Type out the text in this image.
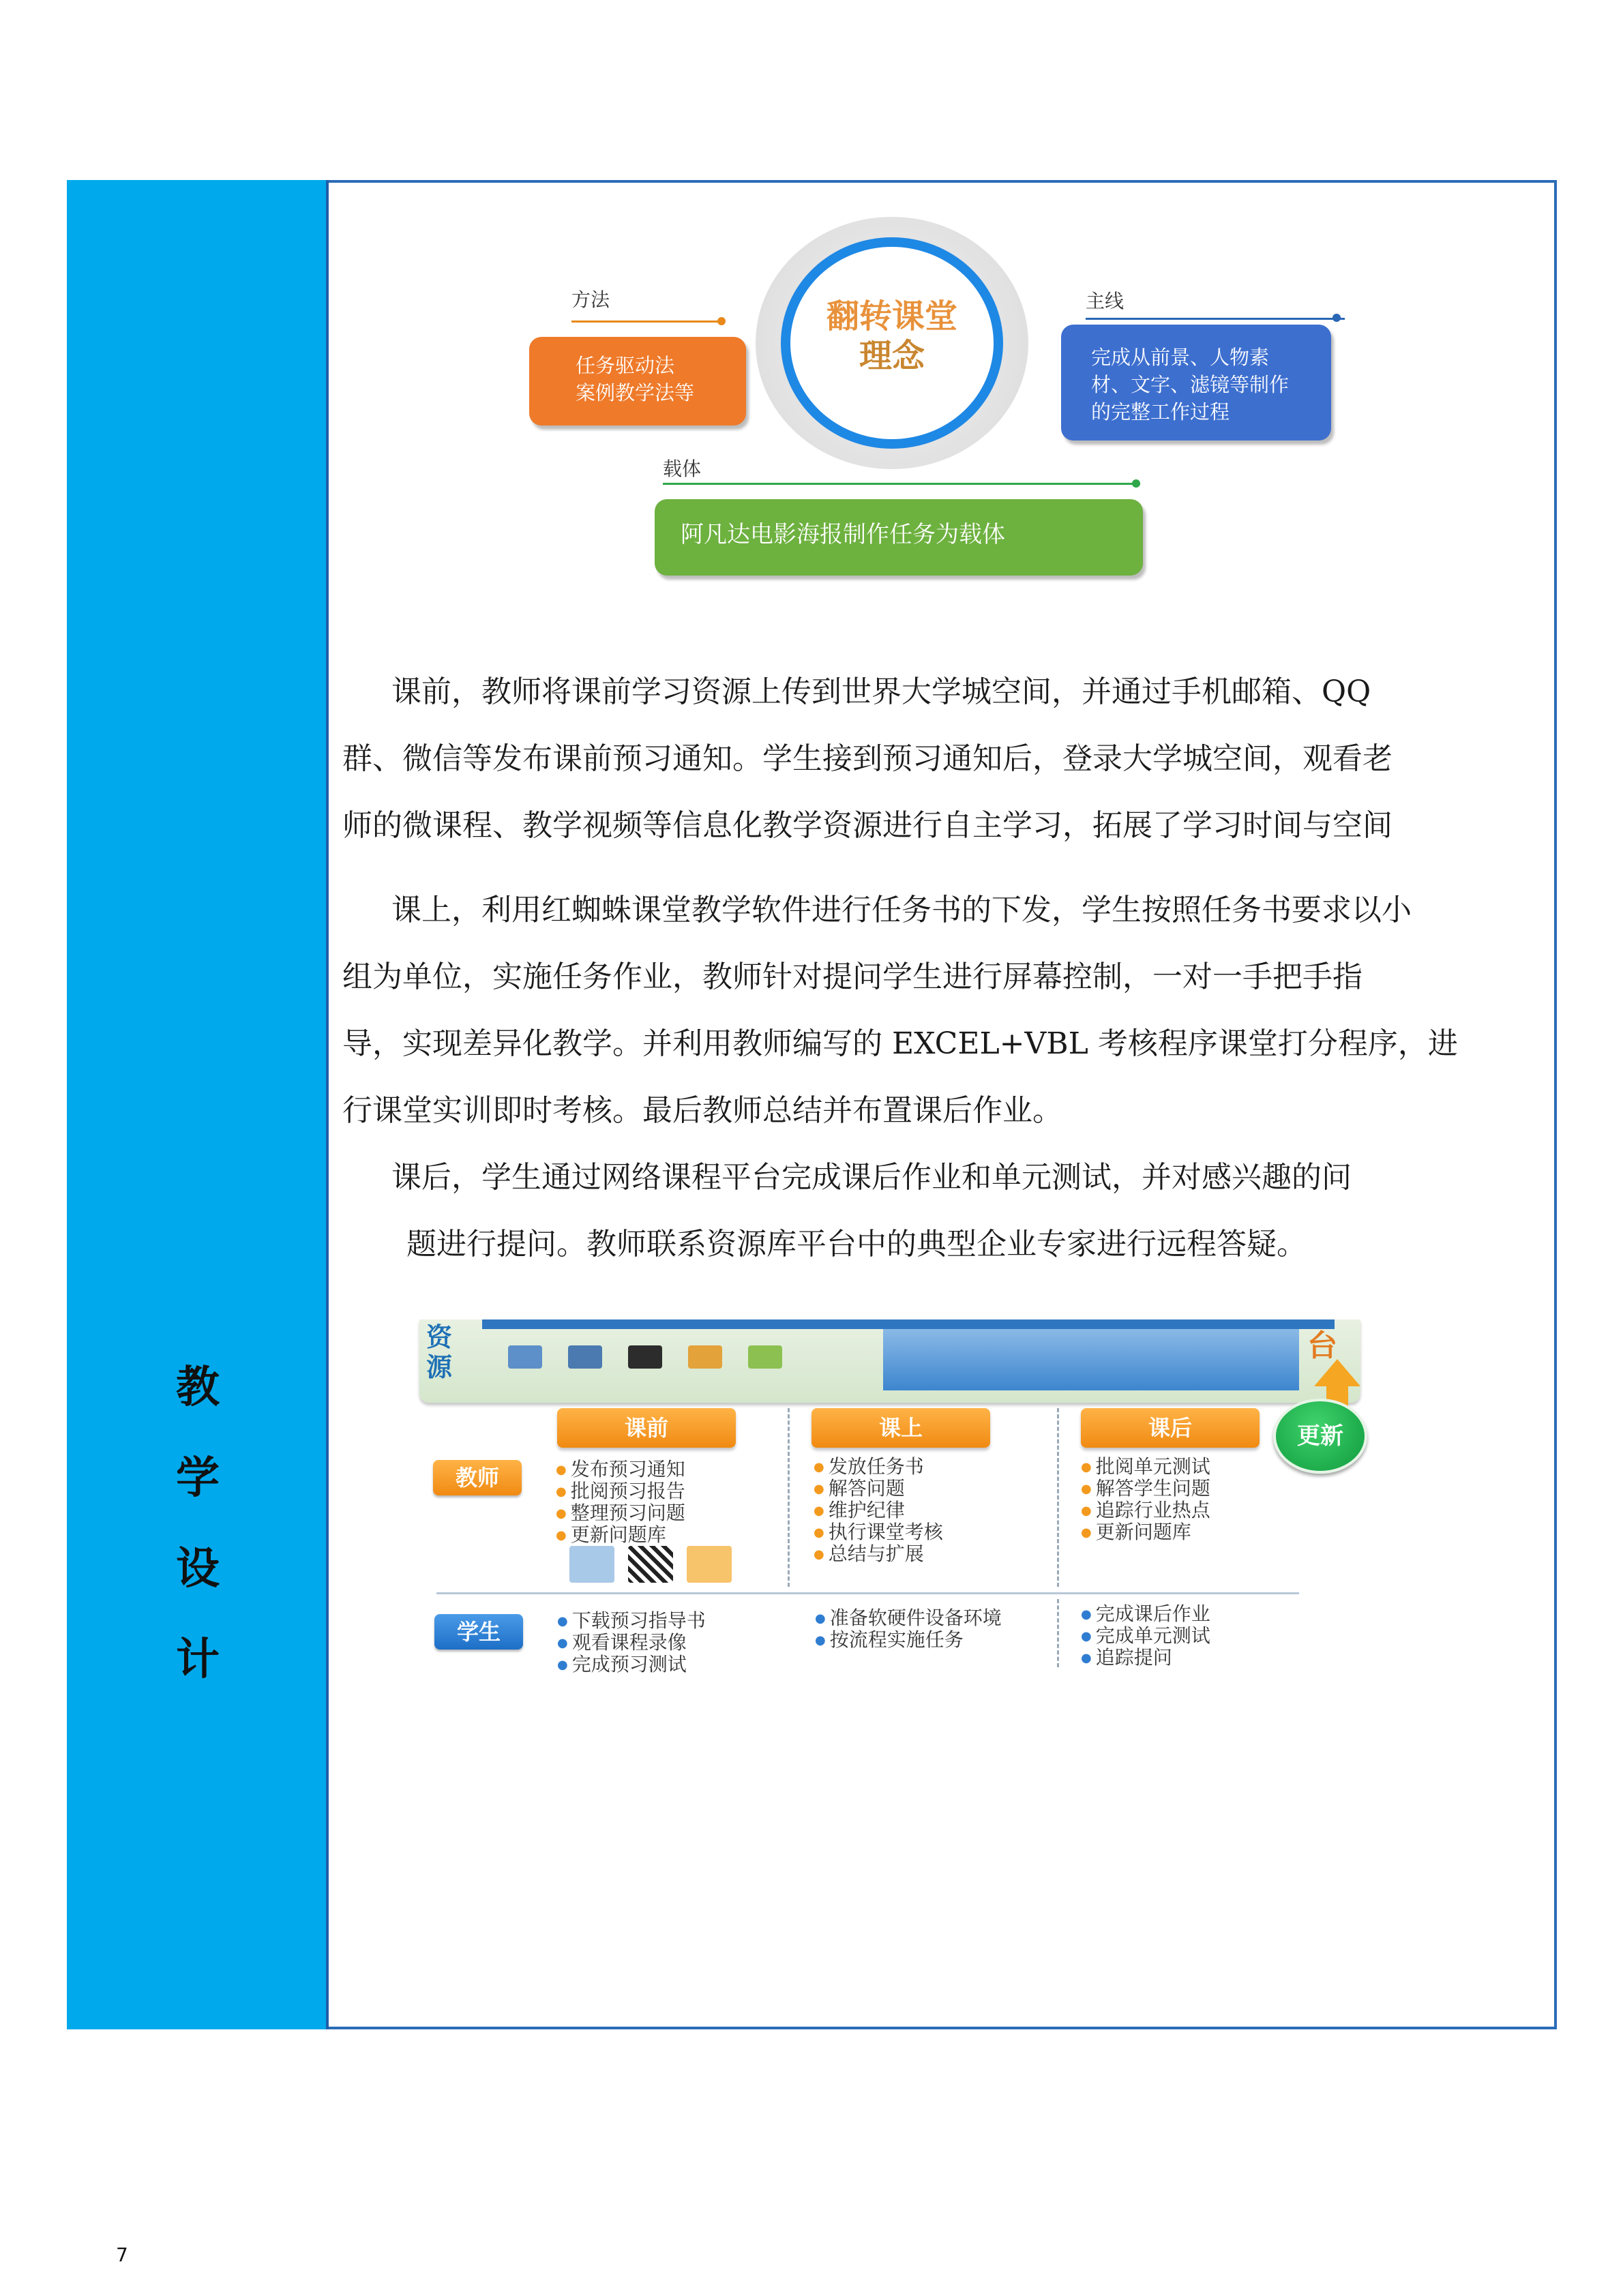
教
学
设
计
翻转课堂
理念
方法
任务驱动法
案例教学法等
主线
完成从前景、人物素
材、文字、滤镜等制作
的完整工作过程
载体
阿凡达电影海报制作任务为载体
课前，教师将课前学习资源上传到世界大学城空间，并通过手机邮箱、QQ
群、微信等发布课前预习通知。学生接到预习通知后，登录大学城空间，观看老
师的微课程、教学视频等信息化教学资源进行自主学习，拓展了学习时间与空间
课上，利用红蜘蛛课堂教学软件进行任务书的下发，学生按照任务书要求以小
组为单位，实施任务作业，教师针对提问学生进行屏幕控制，一对一手把手指
导，实现差异化教学。并利用教师编写的 EXCEL+VBL 考核程序课堂打分程序，进
行课堂实训即时考核。最后教师总结并布置课后作业。
课后，学生通过网络课程平台完成课后作业和单元测试，并对感兴趣的问
题进行提问。教师联系资源库平台中的典型企业专家进行远程答疑。
资
源
台
更新
课前	课上	课后
教师
学生
● 发布预习通知
● 批阅预习报告
● 整理预习问题
● 更新问题库
● 发放任务书
● 解答问题
● 维护纪律
● 执行课堂考核
● 总结与扩展
● 批阅单元测试
● 解答学生问题
● 追踪行业热点
● 更新问题库
● 下载预习指导书
● 观看课程录像
● 完成预习测试
● 准备软硬件设备环境
● 按流程实施任务
● 完成课后作业
● 完成单元测试
● 追踪提问
7
